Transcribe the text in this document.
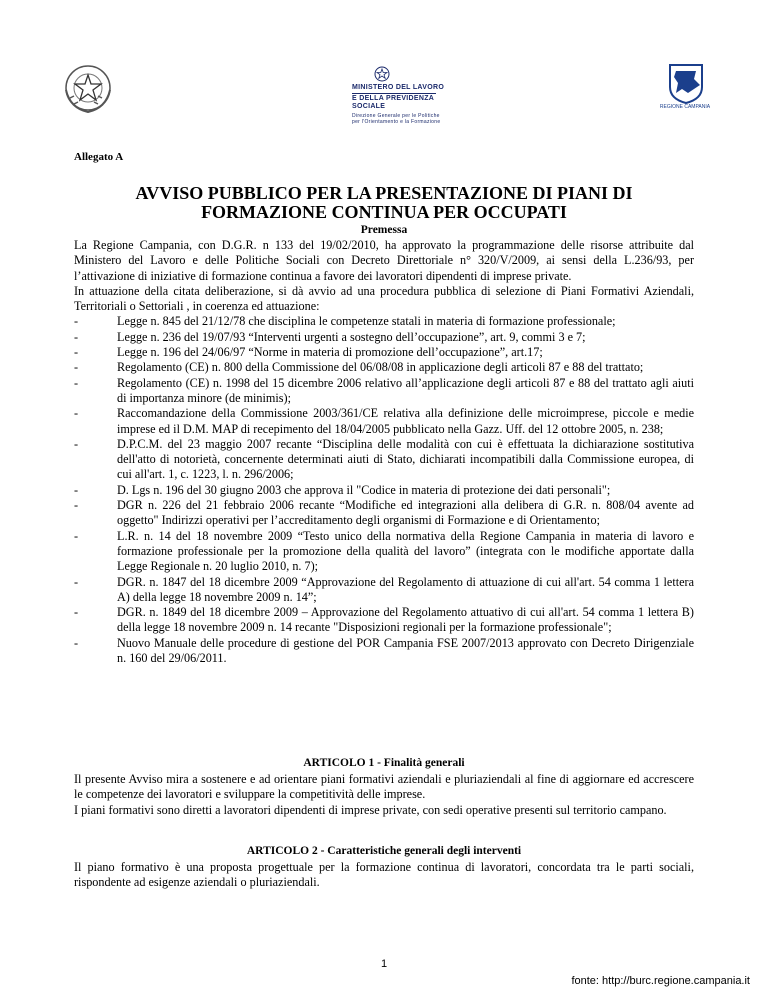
MINISTERO DEL LAVORO
E DELLA PREVIDENZA SOCIALE
Direzione Generale per le Politiche
per l'Orientamento e la Formazione
REGIONE CAMPANIA
Allegato A
AVVISO PUBBLICO PER LA PRESENTAZIONE DI PIANI DI
FORMAZIONE CONTINUA PER OCCUPATI
Premessa

La Regione Campania, con D.G.R. n 133 del 19/02/2010, ha approvato la programmazione delle risorse attribuite dal Ministero del Lavoro e delle Politiche Sociali con Decreto Direttoriale n° 320/V/2009, ai sensi della L.236/93, per l’attivazione di iniziative di formazione continua a favore dei lavoratori dipendenti di imprese private.

In attuazione della citata deliberazione, si dà avvio ad una procedura pubblica di selezione di Piani Formativi Aziendali, Territoriali o Settoriali , in coerenza ed attuazione:

-	Legge n. 845 del 21/12/78 che disciplina le competenze statali in materia di formazione professionale;
-	Legge n. 236 del 19/07/93 “Interventi urgenti a sostegno dell’occupazione”, art. 9, commi 3 e 7;
-	Legge n. 196 del 24/06/97 “Norme in materia di promozione dell’occupazione”, art.17;
-	Regolamento (CE) n. 800 della Commissione del 06/08/08 in applicazione degli articoli 87 e 88 del trattato;
-	Regolamento (CE) n. 1998 del 15 dicembre 2006 relativo all’applicazione degli articoli 87 e 88 del trattato agli aiuti di importanza minore (de minimis);
-	Raccomandazione della Commissione 2003/361/CE relativa alla definizione delle microimprese, piccole e medie imprese ed il D.M. MAP di recepimento del 18/04/2005 pubblicato nella Gazz. Uff. del 12 ottobre 2005, n. 238;
-	D.P.C.M. del 23 maggio 2007 recante “Disciplina delle modalità con cui è effettuata la dichiarazione sostitutiva dell'atto di notorietà, concernente determinati aiuti di Stato, dichiarati incompatibili dalla Commissione europea, di cui all'art. 1, c. 1223, l. n. 296/2006;
-	D. Lgs n. 196 del 30 giugno 2003 che approva il "Codice in materia di protezione dei dati personali";
-	DGR n. 226 del 21 febbraio 2006 recante “Modifiche ed integrazioni alla delibera di G.R. n. 808/04 avente ad oggetto" Indirizzi operativi per l’accreditamento degli organismi di Formazione e di Orientamento;
-	L.R. n. 14 del 18 novembre 2009 “Testo unico della normativa della Regione Campania in materia di lavoro e formazione professionale per la promozione della qualità del lavoro” (integrata con le modifiche apportate dalla Legge Regionale n. 20 luglio 2010, n. 7);
-	DGR. n. 1847 del 18 dicembre 2009 “Approvazione del Regolamento di attuazione di cui all'art. 54 comma 1 lettera A) della legge 18 novembre 2009 n. 14”;
-	DGR. n. 1849 del 18 dicembre 2009 – Approvazione del Regolamento attuativo di cui all'art. 54 comma 1 lettera B) della legge 18 novembre 2009 n. 14 recante "Disposizioni regionali per la formazione professionale";
-	Nuovo Manuale delle procedure di gestione del POR Campania FSE 2007/2013 approvato con Decreto Dirigenziale n. 160 del 29/06/2011.
ARTICOLO 1 - Finalità generali

Il presente Avviso mira a sostenere e ad orientare piani formativi aziendali e pluriaziendali al fine di aggiornare ed accrescere le competenze dei lavoratori e sviluppare la competitività delle imprese.

I piani formativi sono diretti a lavoratori dipendenti di imprese private, con sedi operative presenti sul territorio campano.

ARTICOLO 2 - Caratteristiche generali degli interventi

Il piano formativo è una proposta progettuale per la formazione continua di lavoratori, concordata tra le parti sociali, rispondente ad esigenze aziendali o pluriaziendali.

1
fonte: http://burc.regione.campania.it
